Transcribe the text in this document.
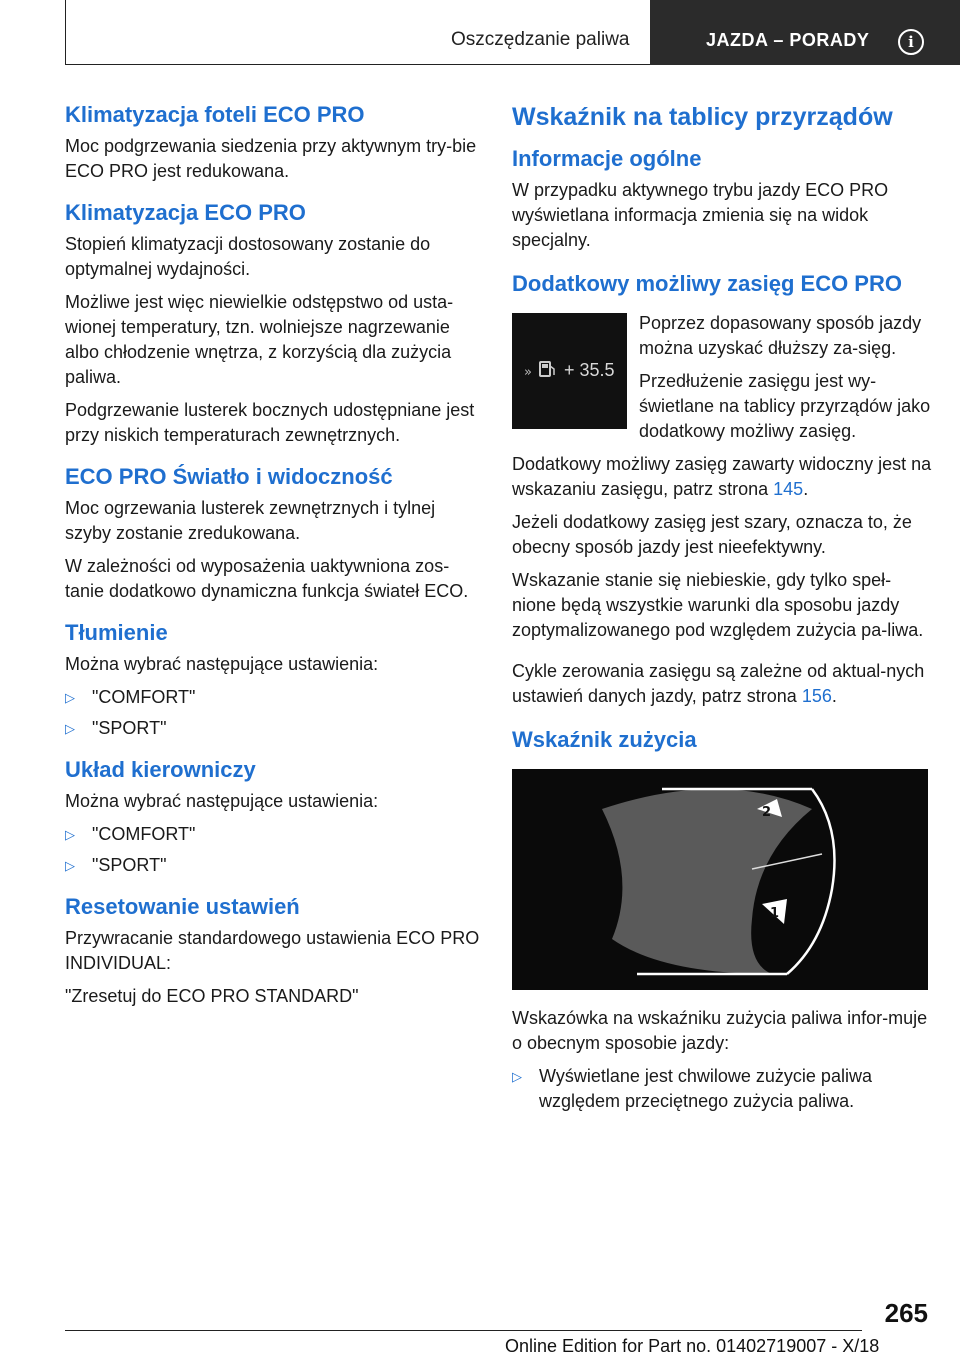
Oszczędzanie paliwa	JAZDA – PORADY	i
Klimatyzacja foteli ECO PRO

Moc podgrzewania siedzenia przy aktywnym try‐bie ECO PRO jest redukowana.

Klimatyzacja ECO PRO

Stopień klimatyzacji dostosowany zostanie do optymalnej wydajności.

Możliwe jest więc niewielkie odstępstwo od usta‐wionej temperatury, tzn. wolniejsze nagrzewanie albo chłodzenie wnętrza, z korzyścią dla zużycia paliwa.

Podgrzewanie lusterek bocznych udostępniane jest przy niskich temperaturach zewnętrznych.

ECO PRO Światło i widoczność

Moc ogrzewania lusterek zewnętrznych i tylnej szyby zostanie zredukowana.

W zależności od wyposażenia uaktywniona zos‐tanie dodatkowo dynamiczna funkcja świateł ECO.

Tłumienie

Można wybrać następujące ustawienia:

▷ "COMFORT"
▷ "SPORT"
Układ kierowniczy

Można wybrać następujące ustawienia:

▷ "COMFORT"
▷ "SPORT"
Resetowanie ustawień

Przywracanie standardowego ustawienia ECO PRO INDIVIDUAL:

"Zresetuj do ECO PRO STANDARD"

Wskaźnik na tablicy przyrządów
Informacje ogólne

W przypadku aktywnego trybu jazdy ECO PRO wyświetlana informacja zmienia się na widok specjalny.

Dodatkowy możliwy zasięg ECO PRO
» + 35.5

Poprzez dopasowany sposób jazdy można uzyskać dłuższy za‐sięg.

Przedłużenie zasięgu jest wy‐świetlane na tablicy przyrządów jako dodatkowy możliwy zasięg.

Dodatkowy możliwy zasięg zawarty widoczny jest na wskazaniu zasięgu, patrz strona 145.

Jeżeli dodatkowy zasięg jest szary, oznacza to, że obecny sposób jazdy jest nieefektywny.

Wskazanie stanie się niebieskie, gdy tylko speł‐nione będą wszystkie warunki dla sposobu jazdy zoptymalizowanego pod względem zużycia pa‐liwa.

Cykle zerowania zasięgu są zależne od aktual‐nych ustawień danych jazdy, patrz strona 156.

Wskaźnik zużycia
2
1

Wskazówka na wskaźniku zużycia paliwa infor‐muje o obecnym sposobie jazdy:

▷ Wyświetlane jest chwilowe zużycie paliwa względem przeciętnego zużycia paliwa.
265
Online Edition for Part no. 01402719007 - X/18
